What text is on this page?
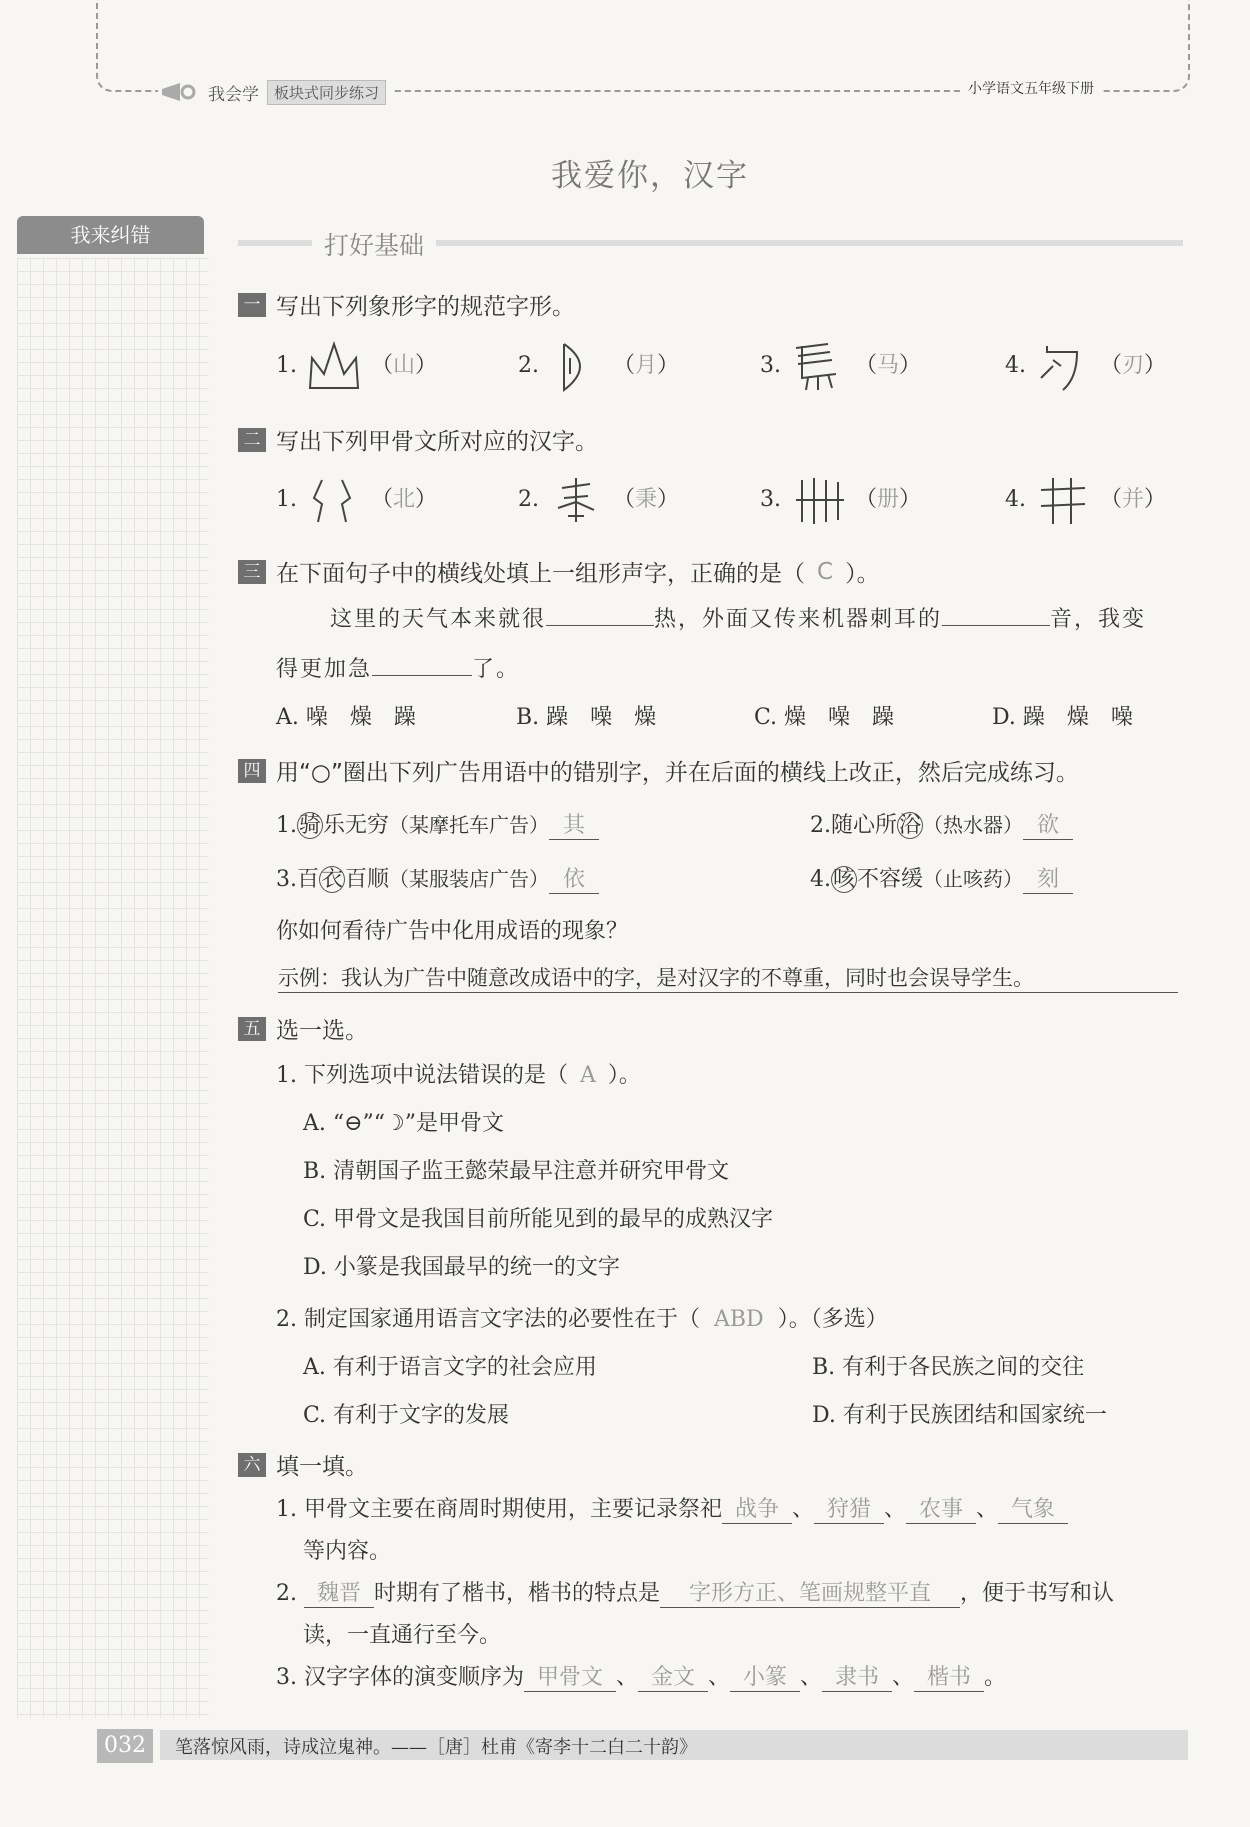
我会学	板块式同步练习	小学语文五年级下册
我爱你，汉字
我来纠错	打好基础
一 写出下列象形字的规范字形。
1.	（山）	2.	（月）	3.	（马）	4.	（刃）
二 写出下列甲骨文所对应的汉字。
1.	（北）	2.	（秉）	3.	（册）	4.	（并）
三 在下面句子中的横线处填上一组形声字，正确的是（ C ）。
这里的天气本来就很	热，外面又传来机器刺耳的	音，我变
得更加急	了。
A. 噪　燥　躁	B. 躁　噪　燥	C. 燥　噪　躁	D. 躁　燥　噪
四 用“○”圈出下列广告用语中的错别字，并在后面的横线上改正，然后完成练习。
1.骑乐无穷（某摩托车广告） 其	2.随心所浴 （热水器） 欲
3.百衣百顺（某服装店广告） 依	4.咳不容缓（止咳药） 刻
你如何看待广告中化用成语的现象？
示例：我认为广告中随意改成语中的字，是对汉字的不尊重，同时也会误导学生。
五 选一选。
1. 下列选项中说法错误的是（ A ）。
A. “⊖”“☽”是甲骨文
B. 清朝国子监王懿荣最早注意并研究甲骨文
C. 甲骨文是我国目前所能见到的最早的成熟汉字
D. 小篆是我国最早的统一的文字
2. 制定国家通用语言文字法的必要性在于（ ABD ）。（多选）
A. 有利于语言文字的社会应用	B. 有利于各民族之间的交往
C. 有利于文字的发展	D. 有利于民族团结和国家统一
六 填一填。
1. 甲骨文主要在商周时期使用，主要记录祭祀 战争 、 狩猎 、 农事 、 气象
等内容。
2. 魏晋 时期有了楷书，楷书的特点是 字形方正、笔画规整平直 ，便于书写和认
读，一直通行至今。
3. 汉字字体的演变顺序为 甲骨文 、 金文 、 小篆 、 隶书 、 楷书 。
032	笔落惊风雨，诗成泣鬼神。——［唐］杜甫《寄李十二白二十韵》
